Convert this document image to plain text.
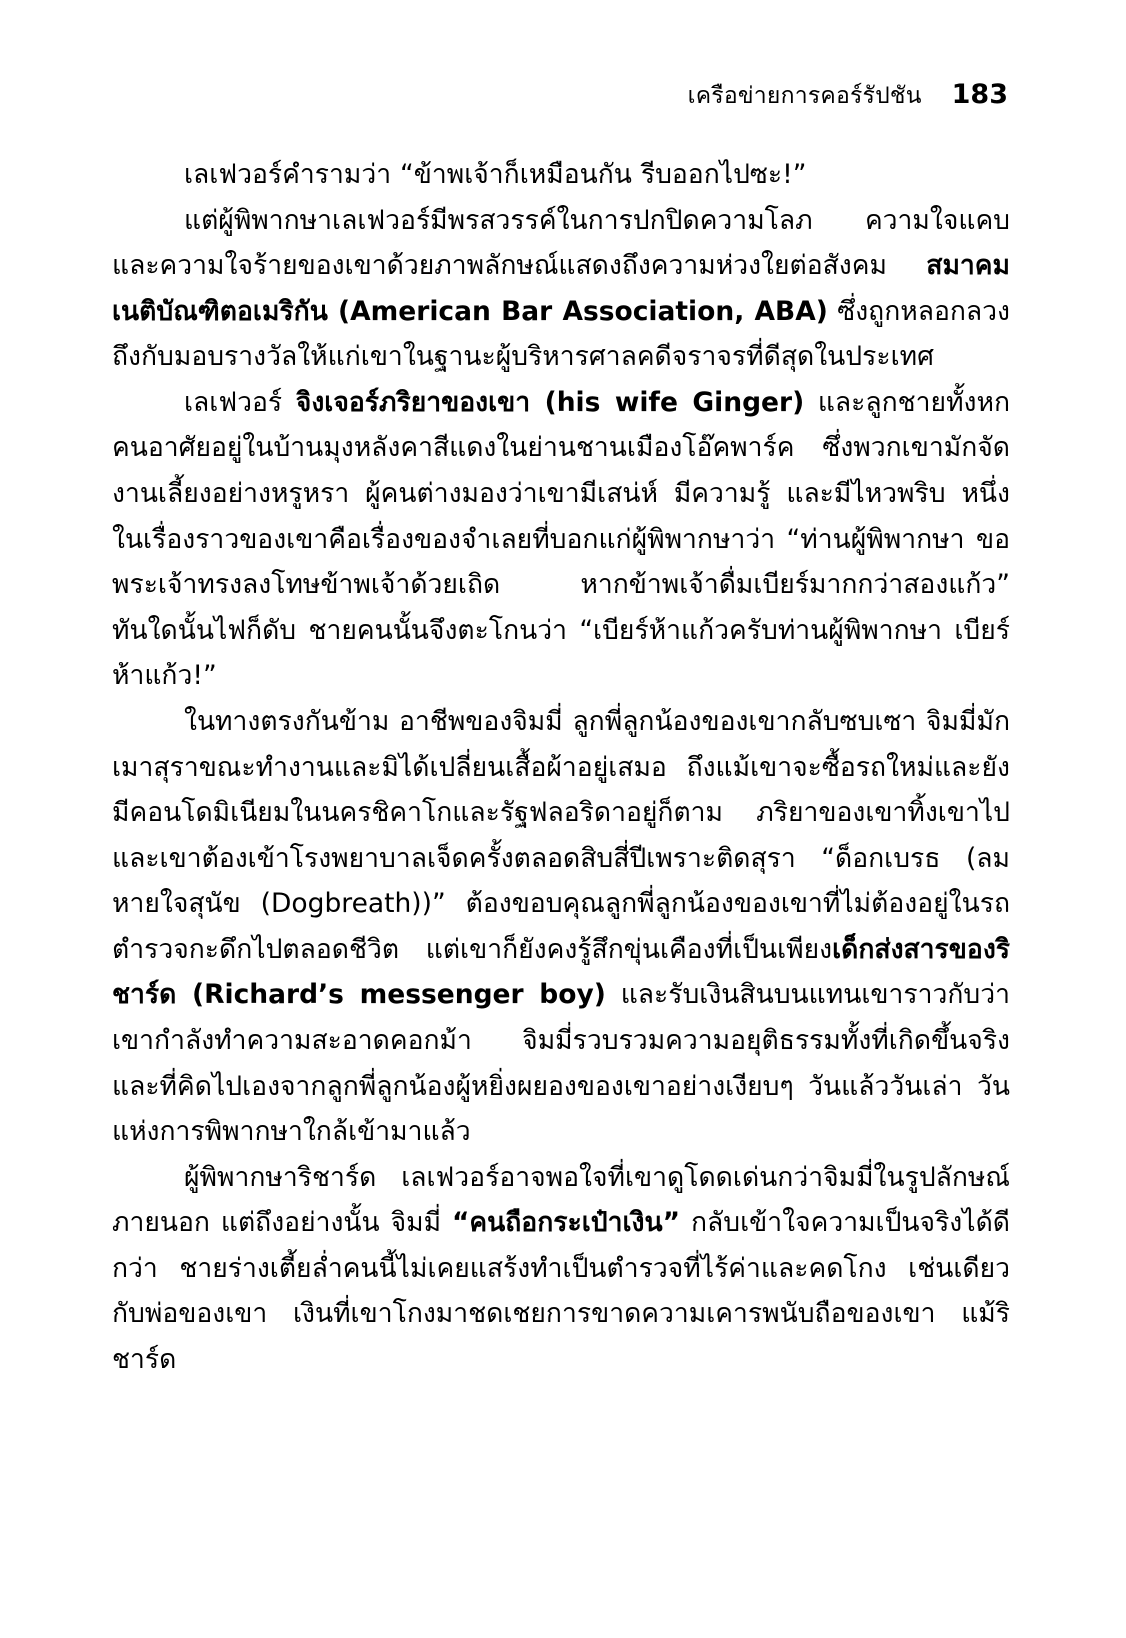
เครือข่ายการคอร์รัปชัน 183

เลเฟวอร์คำรามว่า “ข้าพเจ้าก็เหมือนกัน รีบออกไปซะ!”

แต่ผู้พิพากษาเลเฟวอร์มีพรสวรรค์ในการปกปิดความโลภ ความใจแคบ และความใจร้ายของเขาด้วยภาพลักษณ์แสดงถึงความห่วงใยต่อสังคม สมาคมเนติบัณฑิตอเมริกัน (American Bar Association, ABA) ซึ่งถูกหลอกลวงถึงกับมอบรางวัลให้แก่เขาในฐานะผู้บริหารศาลคดีจราจรที่ดีสุดในประเทศ

เลเฟวอร์ จิงเจอร์ภริยาของเขา (his wife Ginger) และลูกชายทั้งหกคนอาศัยอยู่ในบ้านมุงหลังคาสีแดงในย่านชานเมืองโอ๊คพาร์ค ซึ่งพวกเขามักจัดงานเลี้ยงอย่างหรูหรา ผู้คนต่างมองว่าเขามีเสน่ห์ มีความรู้ และมีไหวพริบ หนึ่งในเรื่องราวของเขาคือเรื่องของจำเลยที่บอกแก่ผู้พิพากษาว่า “ท่านผู้พิพากษา ขอพระเจ้าทรงลงโทษข้าพเจ้าด้วยเถิด หากข้าพเจ้าดื่มเบียร์มากกว่าสองแก้ว” ทันใดนั้นไฟก็ดับ ชายคนนั้นจึงตะโกนว่า “เบียร์ห้าแก้วครับท่านผู้พิพากษา เบียร์ห้าแก้ว!”

ในทางตรงกันข้าม อาชีพของจิมมี่ ลูกพี่ลูกน้องของเขากลับซบเซา จิมมี่มักเมาสุราขณะทำงานและมิได้เปลี่ยนเสื้อผ้าอยู่เสมอ ถึงแม้เขาจะซื้อรถใหม่และยังมีคอนโดมิเนียมในนครชิคาโกและรัฐฟลอริดาอยู่ก็ตาม ภริยาของเขาทิ้งเขาไป และเขาต้องเข้าโรงพยาบาลเจ็ดครั้งตลอดสิบสี่ปีเพราะติดสุรา “ด็อกเบรธ (ลมหายใจสุนัข (Dogbreath))” ต้องขอบคุณลูกพี่ลูกน้องของเขาที่ไม่ต้องอยู่ในรถตำรวจกะดึกไปตลอดชีวิต แต่เขาก็ยังคงรู้สึกขุ่นเคืองที่เป็นเพียงเด็กส่งสารของริชาร์ด (Richard’s messenger boy) และรับเงินสินบนแทนเขาราวกับว่าเขากำลังทำความสะอาดคอกม้า จิมมี่รวบรวมความอยุติธรรมทั้งที่เกิดขึ้นจริงและที่คิดไปเองจากลูกพี่ลูกน้องผู้หยิ่งผยองของเขาอย่างเงียบๆ วันแล้ววันเล่า วันแห่งการพิพากษาใกล้เข้ามาแล้ว

ผู้พิพากษาริชาร์ด เลเฟวอร์อาจพอใจที่เขาดูโดดเด่นกว่าจิมมี่ในรูปลักษณ์ภายนอก แต่ถึงอย่างนั้น จิมมี่ “คนถือกระเป๋าเงิน” กลับเข้าใจความเป็นจริงได้ดีกว่า ชายร่างเตี้ยล่ำคนนี้ไม่เคยแสร้งทำเป็นตำรวจที่ไร้ค่าและคดโกง เช่นเดียวกับพ่อของเขา เงินที่เขาโกงมาชดเชยการขาดความเคารพนับถือของเขา แม้ริชาร์ด
